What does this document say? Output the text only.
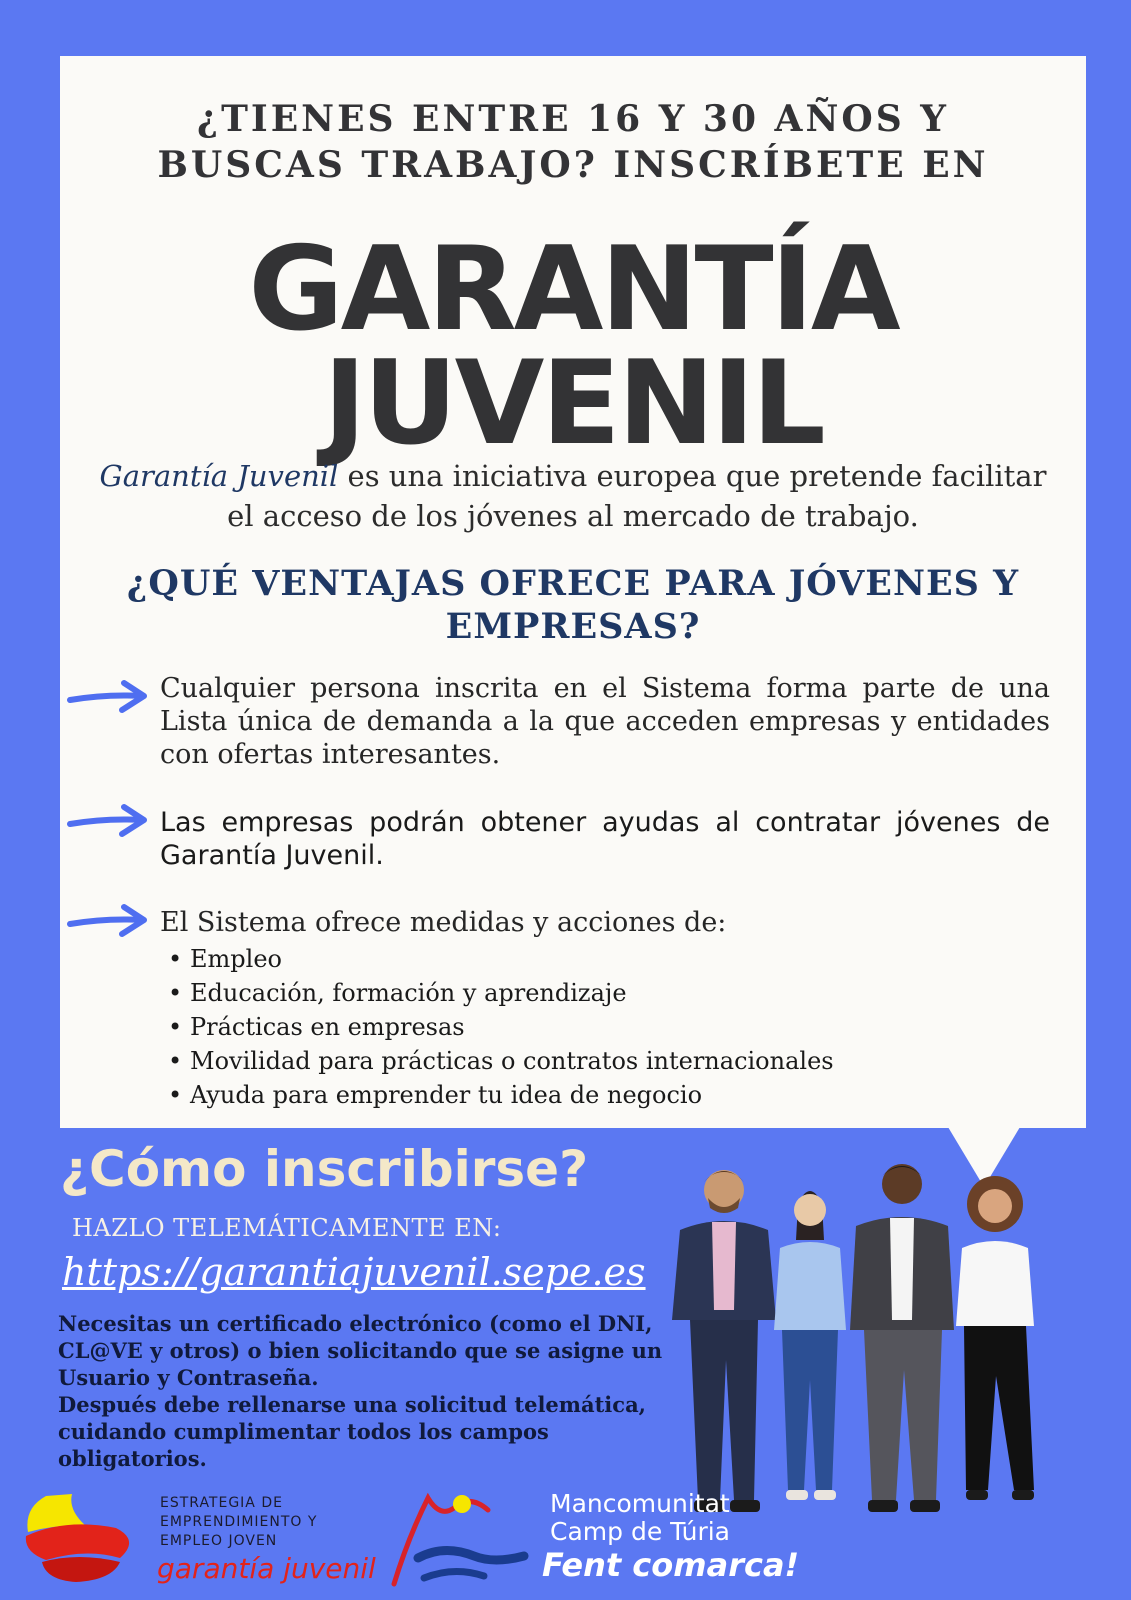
¿TIENES ENTRE 16 Y 30 AÑOS Y
BUSCAS TRABAJO? INSCRÍBETE EN
GARANTÍA
JUVENIL

Garantía Juvenil es una iniciativa europea que pretende facilitar el acceso de los jóvenes al mercado de trabajo.

¿QUÉ VENTAJAS OFRECE PARA JÓVENES Y EMPRESAS?

Cualquier persona inscrita en el Sistema forma parte de una Lista única de demanda a la que acceden empresas y entidades con ofertas interesantes.

Las empresas podrán obtener ayudas al contratar jóvenes de Garantía Juvenil.

El Sistema ofrece medidas y acciones de:

• Empleo
• Educación, formación y aprendizaje
• Prácticas en empresas
• Movilidad para prácticas o contratos internacionales
• Ayuda para emprender tu idea de negocio
¿Cómo inscribirse?
HAZLO TELEMÁTICAMENTE EN:
https://garantiajuvenil.sepe.es
Necesitas un certificado electrónico (como el DNI, CL@VE y otros) o bien solicitando que se asigne un Usuario y Contraseña.
Después debe rellenarse una solicitud telemática, cuidando cumplimentar todos los campos obligatorios.
ESTRATEGIA DE
EMPRENDIMIENTO Y
EMPLEO JOVEN
garantía juvenil
Mancomunitat
Camp de Túria
Fent comarca!
